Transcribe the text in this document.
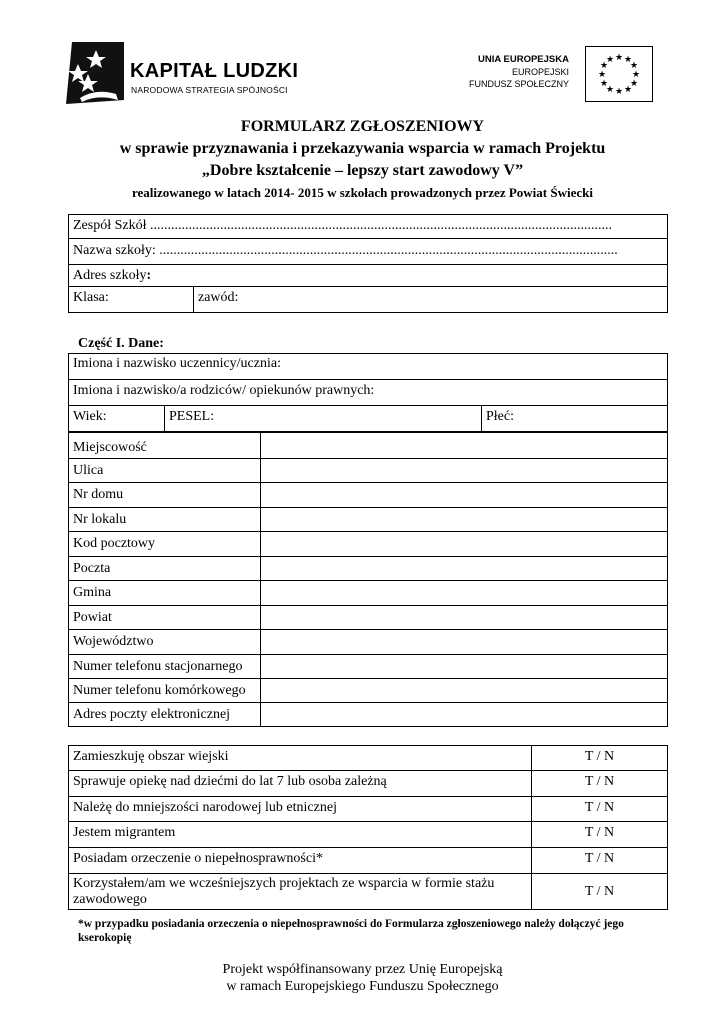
KAPITAŁ LUDZKI
NARODOWA STRATEGIA SPÓJNOŚCI
UNIA EUROPEJSKA
EUROPEJSKI
FUNDUSZ SPOŁECZNY
★ ★
★
★
★
★
★
★
★
★
★
★
FORMULARZ ZGŁOSZENIOWY
w sprawie przyznawania i przekazywania wsparcia w ramach Projektu
„Dobre kształcenie – lepszy start zawodowy V”
realizowanego w latach 2014- 2015 w szkołach prowadzonych przez Powiat Świecki
Zespół Szkół ....................................................................................................................................
Nazwa szkoły: ...................................................................................................................................
Adres szkoły:
Klasa:	zawód:
Część I. Dane:
Imiona i nazwisko uczennicy/ucznia:
Imiona i nazwisko/a rodziców/ opiekunów prawnych:
Wiek:	PESEL:	Płeć:
Miejscowość	
Ulica	
Nr domu	
Nr lokalu	
Kod pocztowy	
Poczta	
Gmina	
Powiat	
Województwo	
Numer telefonu stacjonarnego	
Numer telefonu komórkowego	
Adres poczty elektronicznej	
Zamieszkuję obszar wiejski	T / N
Sprawuje opiekę nad dziećmi do lat 7 lub osoba zależną	T / N
Należę do mniejszości narodowej lub etnicznej	T / N
Jestem migrantem	T / N
Posiadam orzeczenie o niepełnosprawności*	T / N

Korzystałem/am we wcześniejszych projektach ze wsparcia w formie stażu
zawodowego	T / N
*w przypadku posiadania orzeczenia o niepełnosprawności do Formularza zgłoszeniowego należy dołączyć jego kserokopię
Projekt współfinansowany przez Unię Europejską
w ramach Europejskiego Funduszu Społecznego
